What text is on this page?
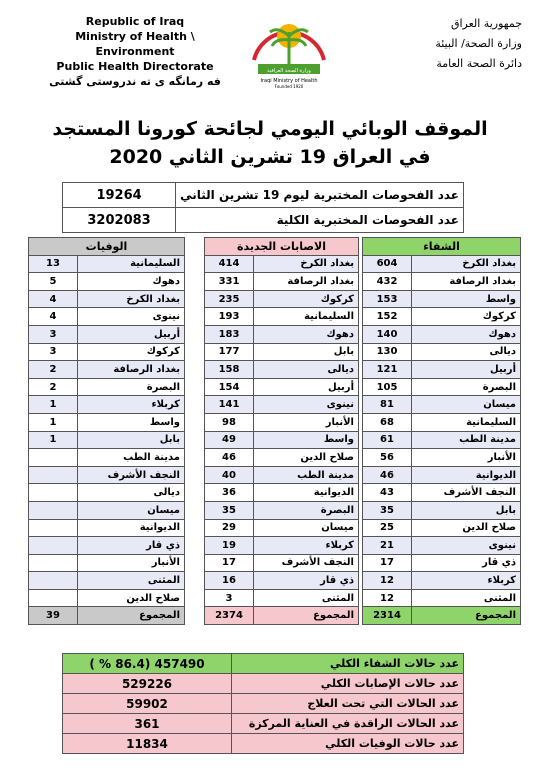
Republic of Iraq
Ministry of Health \ Environment
Public Health Directorate
فه رمانگه ى ته ندروستى گشتى	Iraqi Ministry of Health
Founded 1920
وزارة الصحة العراقية
جمهورية العراق
وزارة الصحة/ البيئة
دائرة الصحة العامة
الموقف الوبائي اليومي لجائحة كورونا المستجد
في العراق 19 تشرين الثاني 2020
عدد الفحوصات المختبرية ليوم 19 تشرين الثاني	19264
عدد الفحوصات المختبرية الكلية	3202083
الشفاء	
بغداد الكرخ	604
بغداد الرصافة	432
واسط	153
كركوك	152
دهوك	140
ديالى	130
أربيل	121
البصرة	105
ميسان	81
السليمانية	68
مدينة الطب	61
الأنبار	56
الديوانية	46
النجف الأشرف	43
بابل	35
صلاح الدين	25
نينوى	21
ذي قار	17
كربلاء	12
المثنى	12
المجموع	2314
الاصابات الجديدة	
بغداد الكرخ	414
بغداد الرصافة	331
كركوك	235
السليمانية	193
دهوك	183
بابل	177
ديالى	158
أربيل	154
نينوى	141
الأنبار	98
واسط	49
صلاح الدين	46
مدينة الطب	40
الديوانية	36
البصرة	35
ميسان	29
كربلاء	19
النجف الأشرف	17
ذي قار	16
المثنى	3
المجموع	2374
الوفيات	
السليمانية	13
دهوك	5
بغداد الكرخ	4
نينوى	4
أربيل	3
كركوك	3
بغداد الرصافة	2
البصرة	2
كربلاء	1
واسط	1
بابل	1
مدينة الطب	
النجف الأشرف	
ديالى	
ميسان	
الديوانية	
ذي قار	
الأنبار	
المثنى	
صلاح الدين	
المجموع	39
عدد حالات الشفاء الكلي	457490 (86.4 % )
عدد حالات الإصابات الكلي	529226
عدد الحالات التي تحت العلاج	59902
عدد الحالات الراقدة في العناية المركزة	361
عدد حالات الوفيات الكلي	11834
